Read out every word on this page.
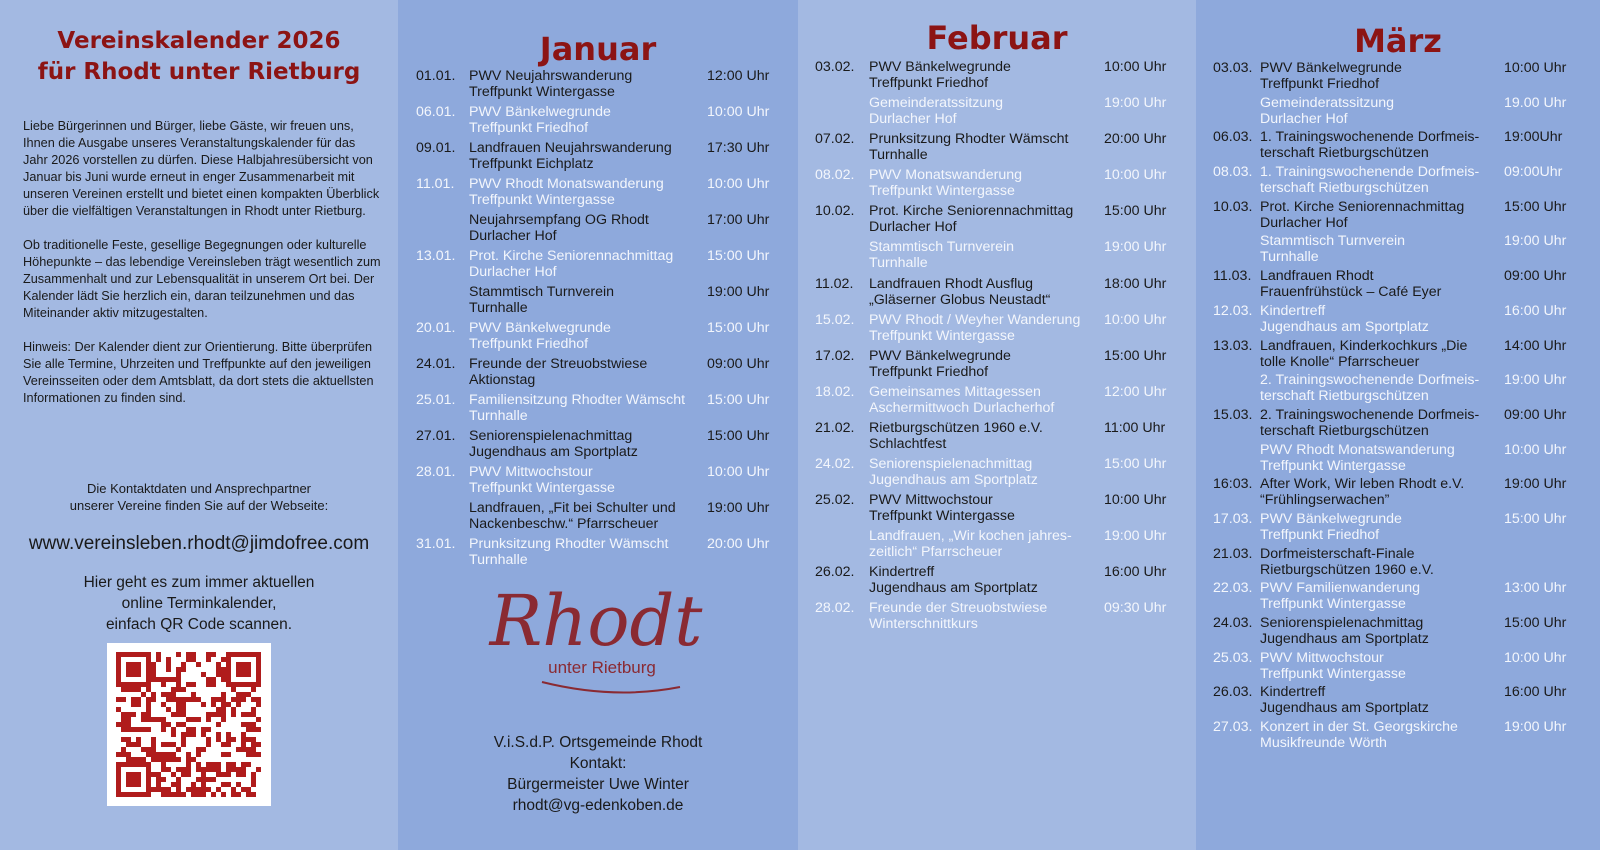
Vereinskalender 2026
für Rhodt unter Rietburg

Liebe Bürgerinnen und Bürger, liebe Gäste, wir freuen uns, Ihnen die Ausgabe unseres Veranstaltungskalender für das Jahr 2026 vorstellen zu dürfen. Diese Halbjahresübersicht von Januar bis Juni wurde erneut in enger Zusammenarbeit mit unseren Vereinen erstellt und bietet einen kompakten Überblick über die vielfältigen Veranstaltungen in Rhodt unter Rietburg.

Ob traditionelle Feste, gesellige Begegnungen oder kulturelle Höhepunkte – das lebendige Vereinsleben trägt wesentlich zum Zusammenhalt und zur Lebensqualität in unserem Ort bei. Der Kalender lädt Sie herzlich ein, daran teilzunehmen und das Miteinander aktiv mitzugestalten.

Hinweis: Der Kalender dient zur Orientierung. Bitte überprüfen Sie alle Termine, Uhrzeiten und Treffpunkte auf den jeweiligen Vereinsseiten oder dem Amtsblatt, da dort stets die aktuellsten Informationen zu finden sind.

Die Kontaktdaten und Ansprechpartner
unserer Vereine finden Sie auf der Webseite:
www.vereinsleben.rhodt@jimdofree.com
Hier geht es zum immer aktuellen
online Terminkalender,
einfach QR Code scannen.
Januar
01.01. PWV Neujahrswanderung
Treffpunkt Wintergasse
12:00 Uhr
06.01. PWV Bänkelwegrunde
Treffpunkt Friedhof
10:00 Uhr
09.01. Landfrauen Neujahrswanderung
Treffpunkt Eichplatz
17:30 Uhr
11.01. PWV Rhodt Monatswanderung
Treffpunkt Wintergasse
10:00 Uhr
Neujahrsempfang OG Rhodt
Durlacher Hof
17:00 Uhr
13.01. Prot. Kirche Seniorennachmittag
Durlacher Hof
15:00 Uhr
Stammtisch Turnverein
Turnhalle
19:00 Uhr
20.01. PWV Bänkelwegrunde
Treffpunkt Friedhof
15:00 Uhr
24.01. Freunde der Streuobstwiese
Aktionstag
09:00 Uhr
25.01. Familiensitzung Rhodter Wämscht
Turnhalle
15:00 Uhr
27.01. Seniorenspielenachmittag
Jugendhaus am Sportplatz
15:00 Uhr
28.01. PWV Mittwochstour
Treffpunkt Wintergasse
10:00 Uhr
Landfrauen, „Fit bei Schulter und
Nackenbeschw.“ Pfarrscheuer
19:00 Uhr
31.01. Prunksitzung Rhodter Wämscht
Turnhalle
20:00 Uhr
Rhodt
unter Rietburg
V.i.S.d.P. Ortsgemeinde Rhodt
Kontakt:
Bürgermeister Uwe Winter
rhodt@vg-edenkoben.de
Februar
03.02. PWV Bänkelwegrunde
Treffpunkt Friedhof
10:00 Uhr
Gemeinderatssitzung
Durlacher Hof
19:00 Uhr
07.02. Prunksitzung Rhodter Wämscht
Turnhalle
20:00 Uhr
08.02. PWV Monatswanderung
Treffpunkt Wintergasse
10:00 Uhr
10.02. Prot. Kirche Seniorennachmittag
Durlacher Hof
15:00 Uhr
Stammtisch Turnverein
Turnhalle
19:00 Uhr
11.02. Landfrauen Rhodt Ausflug
„Gläserner Globus Neustadt“
18:00 Uhr
15.02. PWV Rhodt / Weyher Wanderung
Treffpunkt Wintergasse
10:00 Uhr
17.02. PWV Bänkelwegrunde
Treffpunkt Friedhof
15:00 Uhr
18.02. Gemeinsames Mittagessen
Aschermittwoch Durlacherhof
12:00 Uhr
21.02. Rietburgschützen 1960 e.V.
Schlachtfest
11:00 Uhr
24.02. Seniorenspielenachmittag
Jugendhaus am Sportplatz
15:00 Uhr
25.02. PWV Mittwochstour
Treffpunkt Wintergasse
10:00 Uhr
Landfrauen, „Wir kochen jahres-
zeitlich“ Pfarrscheuer
19:00 Uhr
26.02. Kindertreff
Jugendhaus am Sportplatz
16:00 Uhr
28.02. Freunde der Streuobstwiese
Winterschnittkurs
09:30 Uhr
März
03.03. PWV Bänkelwegrunde
Treffpunkt Friedhof
10:00 Uhr
Gemeinderatssitzung
Durlacher Hof
19.00 Uhr
06.03. 1. Trainingswochenende Dorfmeis-
terschaft Rietburgschützen
19:00Uhr
08.03. 1. Trainingswochenende Dorfmeis-
terschaft Rietburgschützen
09:00Uhr
10.03. Prot. Kirche Seniorennachmittag
Durlacher Hof
15:00 Uhr
Stammtisch Turnverein
Turnhalle
19:00 Uhr
11.03. Landfrauen Rhodt
Frauenfrühstück – Café Eyer
09:00 Uhr
12.03. Kindertreff
Jugendhaus am Sportplatz
16:00 Uhr
13.03. Landfrauen, Kinderkochkurs „Die
tolle Knolle“ Pfarrscheuer
14:00 Uhr
2. Trainingswochenende Dorfmeis-
terschaft Rietburgschützen
19:00 Uhr
15.03. 2. Trainingswochenende Dorfmeis-
terschaft Rietburgschützen
09:00 Uhr
PWV Rhodt Monatswanderung
Treffpunkt Wintergasse
10:00 Uhr
16:03. After Work, Wir leben Rhodt e.V.
“Frühlingserwachen”
19:00 Uhr
17.03. PWV Bänkelwegrunde
Treffpunkt Friedhof
15:00 Uhr
21.03. Dorfmeisterschaft-Finale
Rietburgschützen 1960 e.V.
22.03. PWV Familienwanderung
Treffpunkt Wintergasse
13:00 Uhr
24.03. Seniorenspielenachmittag
Jugendhaus am Sportplatz
15:00 Uhr
25.03. PWV Mittwochstour
Treffpunkt Wintergasse
10:00 Uhr
26.03. Kindertreff
Jugendhaus am Sportplatz
16:00 Uhr
27.03. Konzert in der St. Georgskirche
Musikfreunde Wörth
19:00 Uhr
